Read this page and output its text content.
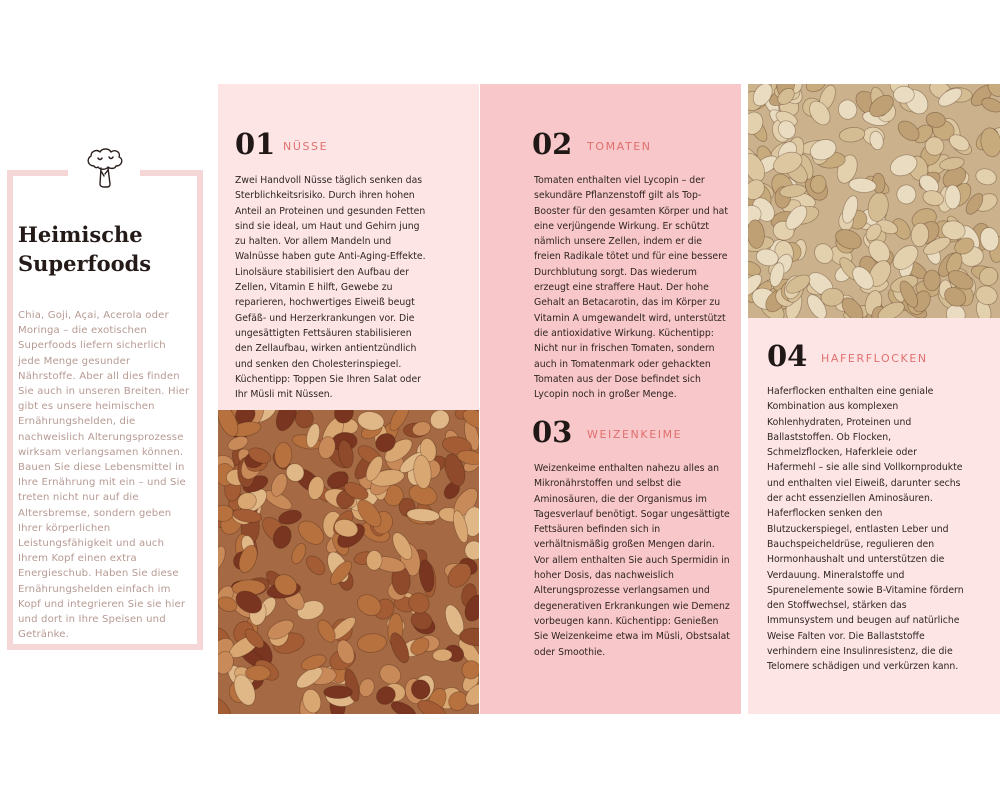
Heimische
Superfoods
Chia, Goji, Açai, Acerola oder Moringa – die exotischen Superfoods liefern sicherlich jede Menge gesunder Nährstoffe. Aber all dies finden Sie auch in unseren Breiten. Hier gibt es unsere heimischen Ernährungshelden, die nachweislich Alterungsprozesse wirksam verlangsamen können. Bauen Sie diese Lebensmittel in Ihre Ernährung mit ein – und Sie treten nicht nur auf die Altersbremse, sondern geben Ihrer körperlichen Leistungsfähigkeit und auch Ihrem Kopf einen extra Energieschub. Haben Sie diese Ernährungshelden einfach im Kopf und integrieren Sie sie hier und dort in Ihre Speisen und Getränke.
01 NÜSSE
Zwei Handvoll Nüsse täglich senken das Sterblichkeitsrisiko. Durch ihren hohen Anteil an Proteinen und gesunden Fetten sind sie ideal, um Haut und Gehirn jung zu halten. Vor allem Mandeln und Walnüsse haben gute Anti-Aging-Effekte. Linolsäure stabilisiert den Aufbau der Zellen, Vitamin E hilft, Gewebe zu reparieren, hochwertiges Eiweiß beugt Gefäß- und Herzerkrankungen vor. Die ungesättigten Fettsäuren stabilisieren den Zellaufbau, wirken antientzündlich und senken den Cholesterinspiegel. Küchentipp: Toppen Sie Ihren Salat oder Ihr Müsli mit Nüssen.
02 TOMATEN
Tomaten enthalten viel Lycopin – der sekundäre Pflanzenstoff gilt als Top-Booster für den gesamten Körper und hat eine verjüngende Wirkung. Er schützt nämlich unsere Zellen, indem er die freien Radikale tötet und für eine bessere Durchblutung sorgt. Das wiederum erzeugt eine straffere Haut. Der hohe Gehalt an Betacarotin, das im Körper zu Vitamin A umgewandelt wird, unterstützt die antioxidative Wirkung. Küchentipp: Nicht nur in frischen Tomaten, sondern auch in Tomatenmark oder gehackten Tomaten aus der Dose befindet sich Lycopin noch in großer Menge.
03 WEIZENKEIME
Weizenkeime enthalten nahezu alles an Mikronährstoffen und selbst die Aminosäuren, die der Organismus im Tagesverlauf benötigt. Sogar ungesättigte Fettsäuren befinden sich in verhältnismäßig großen Mengen darin. Vor allem enthalten Sie auch Spermidin in hoher Dosis, das nachweislich Alterungsprozesse verlangsamen und degenerativen Erkrankungen wie Demenz vorbeugen kann. Küchentipp: Genießen Sie Weizenkeime etwa im Müsli, Obstsalat oder Smoothie.
04 HAFERFLOCKEN
Haferflocken enthalten eine geniale Kombination aus komplexen Kohlenhydraten, Proteinen und Ballaststoffen. Ob Flocken, Schmelzflocken, Haferkleie oder Hafermehl – sie alle sind Vollkornprodukte und enthalten viel Eiweiß, darunter sechs der acht essenziellen Aminosäuren. Haferflocken senken den Blutzuckerspiegel, entlasten Leber und Bauchspeicheldrüse, regulieren den Hormonhaushalt und unterstützen die Verdauung. Mineralstoffe und Spurenelemente sowie B-Vitamine fördern den Stoffwechsel, stärken das Immunsystem und beugen auf natürliche Weise Falten vor. Die Ballaststoffe verhindern eine Insulinresistenz, die die Telomere schädigen und verkürzen kann.
